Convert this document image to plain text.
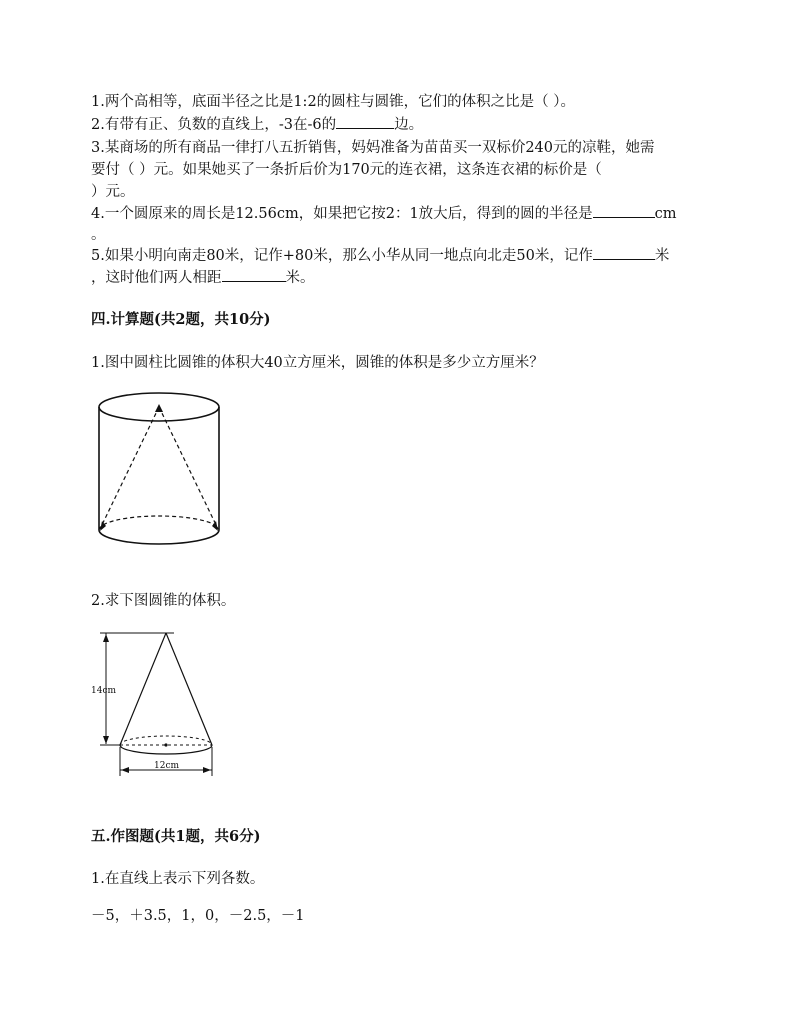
1.两个高相等，底面半径之比是1:2的圆柱与圆锥，它们的体积之比是（ ）。
2.有带有正、负数的直线上，-3在-6的	边。
3.某商场的所有商品一律打八五折销售，妈妈准备为苗苗买一双标价240元的凉鞋，她需
要付（ ）元。如果她买了一条折后价为170元的连衣裙，这条连衣裙的标价是（
）元。
4.一个圆原来的周长是12.56cm，如果把它按2：1放大后，得到的圆的半径是	cm
。
5.如果小明向南走80米，记作+80米，那么小华从同一地点向北走50米，记作	米
，这时他们两人相距	米。
四.计算题(共2题，共10分)
1.图中圆柱比圆锥的体积大40立方厘米，圆锥的体积是多少立方厘米？
2.求下图圆锥的体积。
14cm
12cm
五.作图题(共1题，共6分)
1.在直线上表示下列各数。
－5，＋3.5，1，0，－2.5，－1
